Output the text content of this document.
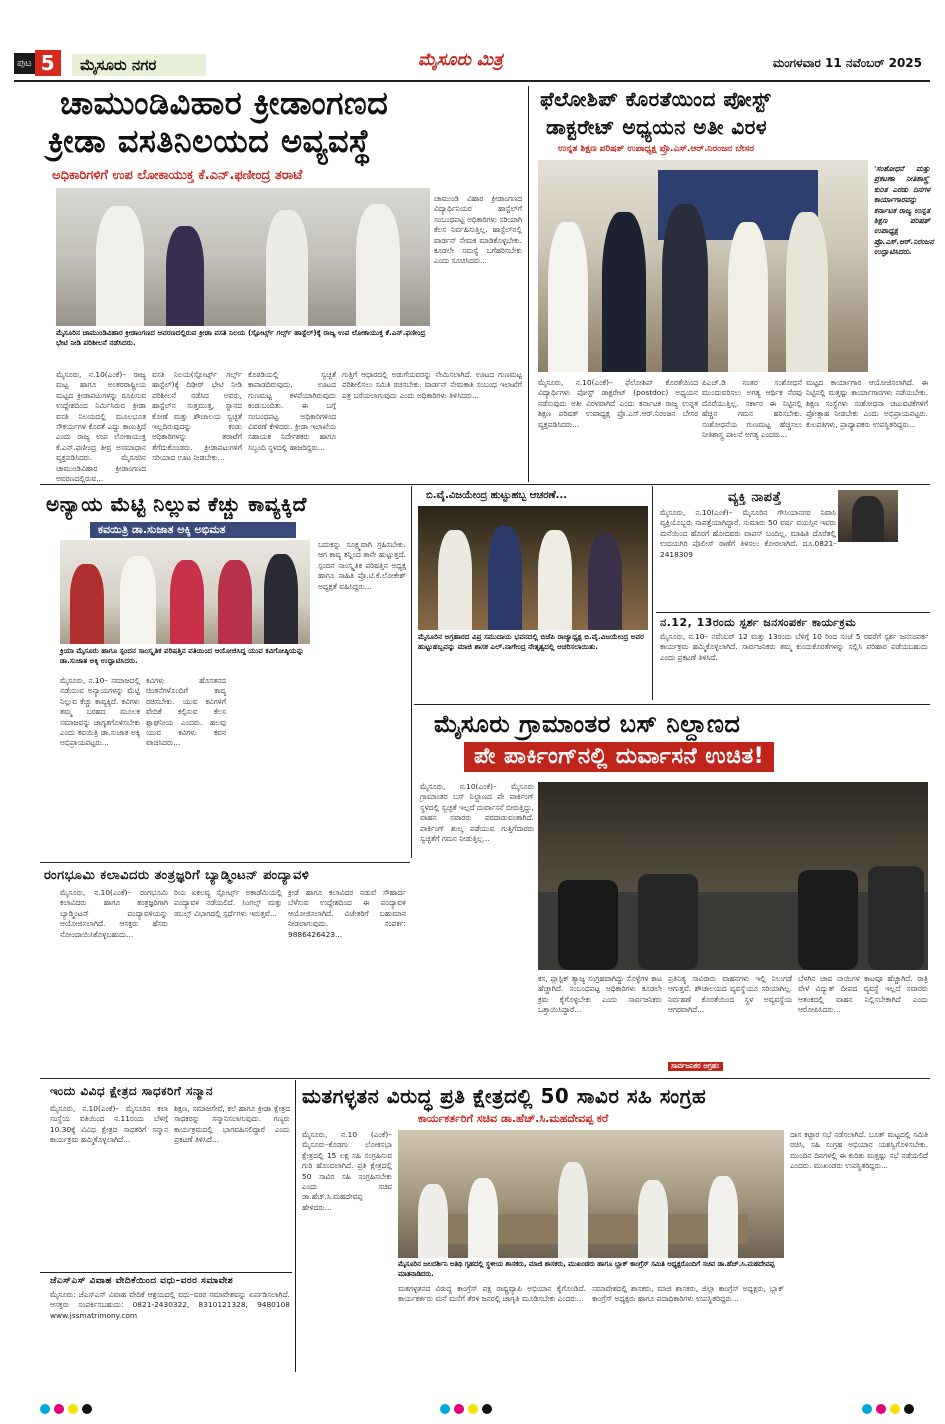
ಪುಟ 5	ಮೈಸೂರು ನಗರ	ಮೈಸೂರು ಮಿತ್ರ	ಮಂಗಳವಾರ 11 ನವೆಂಬರ್ 2025
ಚಾಮುಂಡಿವಿಹಾರ ಕ್ರೀಡಾಂಗಣದ
ಕ್ರೀಡಾ ವಸತಿನಿಲಯದ ಅವ್ಯವಸ್ಥೆ
ಅಧಿಕಾರಿಗಳಿಗೆ ಉಪ ಲೋಕಾಯುಕ್ತ ಕೆ.ಎನ್.ಫಣೀಂದ್ರ ತರಾಟೆ
ಮೈಸೂರಿನ ಚಾಮುಂಡಿವಿಹಾರ ಕ್ರೀಡಾಂಗಣದ ಆವರಣದಲ್ಲಿರುವ ಕ್ರೀಡಾ ವಸತಿ ನಿಲಯ (ಸ್ಪೋರ್ಟ್ಸ್ ಗರ್ಲ್ಸ್ ಹಾಸ್ಟೆಲ್)ಕ್ಕೆ ರಾಜ್ಯ ಉಪ ಲೋಕಾಯುಕ್ತ ಕೆ.ಎನ್.ಫಣೀಂದ್ರ ಭೇಟಿ ನೀಡಿ ಪರಿಶೀಲನೆ ನಡೆಸಿದರು.
ಮೈಸೂರು, ನ.10(ಎಂಕೆ)– ರಾಜ್ಯ ಮಟ್ಟ ಹಾಗೂ ಅಂತರರಾಷ್ಟ್ರೀಯ ಮಟ್ಟದ ಕ್ರೀಡಾಪಟುಗಳನ್ನು ರೂಪಿಸುವ ಉದ್ದೇಶದಿಂದ ನಿರ್ಮಿಸಿರುವ ಕ್ರೀಡಾ ವಸತಿ ನಿಲಯದಲ್ಲಿ ಮೂಲಭೂತ ಸೌಕರ್ಯಗಳ ಕೊರತೆ ಎದ್ದು ಕಾಣುತ್ತಿದೆ ಎಂದು ರಾಜ್ಯ ಉಪ ಲೋಕಾಯುಕ್ತ ಕೆ.ಎನ್.ಫಣೀಂದ್ರ ತೀವ್ರ ಅಸಮಾಧಾನ ವ್ಯಕ್ತಪಡಿಸಿದರು. ಮೈಸೂರಿನ ಚಾಮುಂಡಿವಿಹಾರ ಕ್ರೀಡಾಂಗಣದ ಆವರಣದಲ್ಲಿರುವ...
ವಸತಿ ನಿಲಯ(ಸ್ಪೋರ್ಟ್ಸ್ ಗರ್ಲ್ಸ್ ಹಾಸ್ಟೆಲ್)ಕ್ಕೆ ದಿಢೀರ್ ಭೇಟಿ ನೀಡಿ ಪರಿಶೀಲನೆ ನಡೆಸಿದ ಅವರು, ಹಾಸ್ಟೆಲ್‌ನ ಸುತ್ತಮುತ್ತ, ಸ್ನಾನದ ಕೋಣೆ ಮತ್ತು ಶೌಚಾಲಯ ಸ್ವಚ್ಛತೆ ಇಲ್ಲದಿರುವುದನ್ನು ಕಂಡು ಅಧಿಕಾರಿಗಳನ್ನು ತರಾಟೆಗೆ ತೆಗೆದುಕೊಂಡರು. ಕ್ರೀಡಾಪಟುಗಳಿಗೆ ಸರಿಯಾದ ಊಟ ನೀಡಬೇಕು...
ಕೊಠಡಿಯಲ್ಲಿ ಸ್ವಚ್ಛತೆ ಕಾಪಾಡದಿರುವುದು, ಊಟದ ಗುಣಮಟ್ಟ ಕಳಪೆಯಾಗಿರುವುದು ಕಂಡುಬಂದಿತು. ಈ ಬಗ್ಗೆ ಸಂಬಂಧಪಟ್ಟ ಅಧಿಕಾರಿಗಳಿಂದ ವಿವರಣೆ ಕೇಳಿದರು. ಕ್ರೀಡಾ ಇಲಾಖೆಯ ಸಹಾಯಕ ನಿರ್ದೇಶಕರು ಹಾಗೂ ಸಿಬ್ಬಂದಿ ಸ್ಥಳದಲ್ಲಿ ಹಾಜರಿದ್ದರು...
ಚಾಮುಂಡಿ ವಿಹಾರ ಕ್ರೀಡಾಂಗಣದ ವಿದ್ಯಾರ್ಥಿನಿಯರ ಹಾಸ್ಟೆಲ್‌ಗೆ ಸಂಬಂಧಪಟ್ಟ ಅಧಿಕಾರಿಗಳು ಸರಿಯಾಗಿ ಕೆಲಸ ನಿರ್ವಹಿಸುತ್ತಿಲ್ಲ. ಹಾಸ್ಟೆಲ್‌ನಲ್ಲಿ ವಾರ್ಡನ್ ನೇಮಕ ಮಾಡಿಕೊಳ್ಳಬೇಕು. ಕೂಡಲೇ ಸಮಸ್ಯೆ ಬಗೆಹರಿಸಬೇಕು ಎಂದು ಸೂಚಿಸಿದರು...
ಗುತ್ತಿಗೆ ಆಧಾರದಲ್ಲಿ ಅಡುಗೆಯವರನ್ನು ನೇಮಿಸಲಾಗಿದೆ. ಊಟದ ಗುಣಮಟ್ಟ ಪರಿಶೀಲಿಸಲು ಸಮಿತಿ ರಚಿಸಬೇಕು. ವಾರ್ಡನ್ ನೇಮಕಾತಿ ಸಂಬಂಧ ಇಲಾಖೆಗೆ ಪತ್ರ ಬರೆಯಲಾಗುವುದು ಎಂದು ಅಧಿಕಾರಿಗಳು ತಿಳಿಸಿದರು...
ಫೆಲೋಶಿಪ್ ಕೊರತೆಯಿಂದ ಪೋಸ್ಟ್
ಡಾಕ್ಟರೇಟ್ ಅಧ್ಯಯನ ಅತೀ ವಿರಳ
ಉನ್ನತ ಶಿಕ್ಷಣ ಪರಿಷತ್ ಉಪಾಧ್ಯಕ್ಷ ಪ್ರೊ.ಎಸ್.ಆರ್.ನಿರಂಜನ ಬೇಸರ
'ಸಂಶೋಧನೆ ಮತ್ತು ಪ್ರಕಟಣಾ ನೀತಿಶಾಸ್ತ್ರ' ಕುರಿತ ಎರಡು ದಿನಗಳ ಕಾರ್ಯಾಗಾರವನ್ನು ಕರ್ನಾಟಕ ರಾಜ್ಯ ಉನ್ನತ ಶಿಕ್ಷಣ ಪರಿಷತ್ ಉಪಾಧ್ಯಕ್ಷ ಪ್ರೊ.ಎಸ್.ಆರ್.ನಿರಂಜನ ಉದ್ಘಾಟಿಸಿದರು.
ಮೈಸೂರು, ನ.10(ಎಂಕೆ)– ಫೆಲೋಶಿಪ್ ಕೊರತೆಯಿಂದ ವಿದ್ಯಾರ್ಥಿಗಳು ಪೋಸ್ಟ್ ಡಾಕ್ಟರೇಟ್ (postdoc) ಅಧ್ಯಯನ ನಡೆಸುವುದು ಅತೀ ವಿರಳವಾಗಿದೆ ಎಂದು ಕರ್ನಾಟಕ ರಾಜ್ಯ ಉನ್ನತ ಶಿಕ್ಷಣ ಪರಿಷತ್ ಉಪಾಧ್ಯಕ್ಷ ಪ್ರೊ.ಎಸ್.ಆರ್.ನಿರಂಜನ ಬೇಸರ ವ್ಯಕ್ತಪಡಿಸಿದರು...
ಪಿಎಚ್.ಡಿ ನಂತರ ಸಂಶೋಧನೆ ಮುಂದುವರಿಸಲು ಅಗತ್ಯ ಆರ್ಥಿಕ ನೆರವು ದೊರೆಯುತ್ತಿಲ್ಲ. ಸರ್ಕಾರ ಈ ನಿಟ್ಟಿನಲ್ಲಿ ಹೆಚ್ಚಿನ ಗಮನ ಹರಿಸಬೇಕು. ಸಂಶೋಧನೆಯ ಗುಣಮಟ್ಟ ಹೆಚ್ಚಿಸಲು ನೀತಿಶಾಸ್ತ್ರ ಪಾಲನೆ ಅಗತ್ಯ ಎಂದರು...
ಮಟ್ಟದ ಕಾರ್ಯಾಗಾರ ಆಯೋಜಿಸಲಾಗಿದೆ. ಈ ನಿಟ್ಟಿನಲ್ಲಿ ಮತ್ತಷ್ಟು ಕಾರ್ಯಾಗಾರಗಳು ನಡೆಯಬೇಕು. ಶಿಕ್ಷಣ ಸಂಸ್ಥೆಗಳು ಸಂಶೋಧನಾ ಚಟುವಟಿಕೆಗಳಿಗೆ ಪ್ರೋತ್ಸಾಹ ನೀಡಬೇಕು ಎಂದು ಅಭಿಪ್ರಾಯಪಟ್ಟರು. ಕುಲಪತಿಗಳು, ಪ್ರಾಧ್ಯಾಪಕರು ಉಪಸ್ಥಿತರಿದ್ದರು...
ಅನ್ಯಾಯ ಮೆಟ್ಟಿ ನಿಲ್ಲುವ ಕೆಚ್ಚು ಕಾವ್ಯಕ್ಕಿದೆ
ಕವಯಿತ್ರಿ ಡಾ.ಸುಜಾತ ಅಕ್ಕಿ ಅಭಿಮತ
ಕ್ರಿಯಾ ಮೈಸೂರು ಹಾಗೂ ಸ್ಪಂದನ ಸಾಂಸ್ಕೃತಿಕ ಪರಿಷತ್ತಿನ ವತಿಯಿಂದ ಆಯೋಜಿಸಿದ್ದ ಯುವ ಕವಿಗೋಷ್ಠಿಯನ್ನು ಡಾ.ಸುಜಾತ ಅಕ್ಕಿ ಉದ್ಘಾಟಿಸಿದರು.
ಮೈಸೂರು, ನ.10– ಸಮಾಜದಲ್ಲಿ ನಡೆಯುವ ಅನ್ಯಾಯಗಳನ್ನು ಮೆಟ್ಟಿ ನಿಲ್ಲುವ ಕೆಚ್ಚು ಕಾವ್ಯಕ್ಕಿದೆ. ಕವಿಗಳು ತಮ್ಮ ಬರಹದ ಮೂಲಕ ಸಮಾಜವನ್ನು ಜಾಗೃತಗೊಳಿಸಬೇಕು ಎಂದು ಕವಯಿತ್ರಿ ಡಾ.ಸುಜಾತ ಅಕ್ಕಿ ಅಭಿಪ್ರಾಯಪಟ್ಟರು...
ಕವಿಗಳು ಹೊಸತನದ ಚಿಂತನೆಗಳೊಂದಿಗೆ ಕಾವ್ಯ ರಚಿಸಬೇಕು. ಯುವ ಕವಿಗಳಿಗೆ ವೇದಿಕೆ ಕಲ್ಪಿಸುವ ಕೆಲಸ ಶ್ಲಾಘನೀಯ ಎಂದರು. ಹಲವು ಯುವ ಕವಿಗಳು ಕವನ ವಾಚಿಸಿದರು...
ಬದುಕನ್ನು ಸೂಕ್ಷ್ಮವಾಗಿ ಗ್ರಹಿಸಬೇಕು. ಆಗ ಕಾವ್ಯ ತನ್ನಿಂದ ತಾನೇ ಹುಟ್ಟುತ್ತದೆ. ಸ್ಪಂದನ ಸಾಂಸ್ಕೃತಿಕ ಪರಿಷತ್ತಿನ ಅಧ್ಯಕ್ಷ ಹಾಗೂ ಸಾಹಿತಿ ಪ್ರೊ.ಟಿ.ಕೆ.ಲೋಕೇಶ್ ಅಧ್ಯಕ್ಷತೆ ವಹಿಸಿದ್ದರು...
ಬಿ.ವೈ.ವಿಜಯೇಂದ್ರ ಹುಟ್ಟುಹಬ್ಬ ಆಚರಣೆ...
ಮೈಸೂರಿನ ಅಗ್ರಹಾರದ ವಿಪ್ರ ಸಮುದಾಯ ಭವನದಲ್ಲಿ ಬಿಜೆಪಿ ರಾಜ್ಯಾಧ್ಯಕ್ಷ ಬಿ.ವೈ.ವಿಜಯೇಂದ್ರ ಅವರ ಹುಟ್ಟುಹಬ್ಬವನ್ನು ಮಾಜಿ ಶಾಸಕ ಎಲ್.ನಾಗೇಂದ್ರ ನೇತೃತ್ವದಲ್ಲಿ ಆಚರಿಸಲಾಯಿತು.
ವ್ಯಕ್ತಿ ನಾಪತ್ತೆ
ಮೈಸೂರು, ನ.10(ಎಂಕೆ)– ಮೈಸೂರಿನ ಗೌಸಿಯಾನಗರ ನಿವಾಸಿ ವ್ಯಕ್ತಿಯೊಬ್ಬರು ನಾಪತ್ತೆಯಾಗಿದ್ದಾರೆ. ಸುಮಾರು 50 ವರ್ಷ ವಯಸ್ಸಿನ ಇವರು ಮನೆಯಿಂದ ಹೊರಗೆ ಹೋದವರು ವಾಪಸ್ ಬಂದಿಲ್ಲ. ಮಾಹಿತಿ ದೊರೆತಲ್ಲಿ ಉದಯಗಿರಿ ಪೊಲೀಸ್ ಠಾಣೆಗೆ ತಿಳಿಸಲು ಕೋರಲಾಗಿದೆ. ದೂ.0821-2418309
ನ.12, 13ರಂದು ಸ್ಪರ್ಶ ಜನಸಂಪರ್ಕ ಕಾರ್ಯಕ್ರಮ
ಮೈಸೂರು, ನ.10– ನವೆಂಬರ್ 12 ಮತ್ತು 13ರಂದು ಬೆಳಿಗ್ಗೆ 10 ರಿಂದ ಸಂಜೆ 5 ರವರೆಗೆ ಸ್ಪರ್ಶ ಜನಸಂಪರ್ಕ ಕಾರ್ಯಕ್ರಮ ಹಮ್ಮಿಕೊಳ್ಳಲಾಗಿದೆ. ಸಾರ್ವಜನಿಕರು ತಮ್ಮ ಕುಂದುಕೊರತೆಗಳನ್ನು ಸಲ್ಲಿಸಿ ಪರಿಹಾರ ಪಡೆಯಬಹುದು ಎಂದು ಪ್ರಕಟಣೆ ತಿಳಿಸಿದೆ.
ಮೈಸೂರು ಗ್ರಾಮಾಂತರ ಬಸ್ ನಿಲ್ದಾಣದ
ಪೇ ಪಾರ್ಕಿಂಗ್‌ನಲ್ಲಿ ದುರ್ವಾಸನೆ ಉಚಿತ!
ಮೈಸೂರು, ನ.10(ಎಂಕೆ)– ಮೈಸೂರು ಗ್ರಾಮಾಂತರ ಬಸ್ ನಿಲ್ದಾಣದ ಪೇ ಪಾರ್ಕಿಂಗ್ ಸ್ಥಳದಲ್ಲಿ ಸ್ವಚ್ಛತೆ ಇಲ್ಲದೆ ದುರ್ವಾಸನೆ ಬೀರುತ್ತಿದ್ದು, ವಾಹನ ಸವಾರರು ಪರದಾಡುವಂತಾಗಿದೆ. ಪಾರ್ಕಿಂಗ್ ಶುಲ್ಕ ಪಡೆಯುವ ಗುತ್ತಿಗೆದಾರರು ಸ್ವಚ್ಛತೆಗೆ ಗಮನ ನೀಡುತ್ತಿಲ್ಲ...
ಕಸ, ಪ್ಲಾಸ್ಟಿಕ್ ತ್ಯಾಜ್ಯ ಸಂಗ್ರಹವಾಗಿದ್ದು ಸೊಳ್ಳೆಗಳ ಕಾಟ ಹೆಚ್ಚಾಗಿದೆ. ಸಂಬಂಧಪಟ್ಟ ಅಧಿಕಾರಿಗಳು ಕೂಡಲೇ ಕ್ರಮ ಕೈಗೊಳ್ಳಬೇಕು ಎಂದು ಸಾರ್ವಜನಿಕರು ಒತ್ತಾಯಿಸಿದ್ದಾರೆ...
ಪ್ರತಿನಿತ್ಯ ಸಾವಿರಾರು ವಾಹನಗಳು ಇಲ್ಲಿ ನಿಲುಗಡೆ ಆಗುತ್ತವೆ. ಶೌಚಾಲಯದ ವ್ಯವಸ್ಥೆಯೂ ಸರಿಯಾಗಿಲ್ಲ. ನಿರ್ವಹಣೆ ಕೊರತೆಯಿಂದ ಸ್ಥಳ ಅವ್ಯವಸ್ಥೆಯ ಆಗರವಾಗಿದೆ...
ಬೆಳಗಿನ ಜಾವ ನಾಯಿಗಳ ಕಾಟವೂ ಹೆಚ್ಚಾಗಿದೆ. ರಾತ್ರಿ ವೇಳೆ ವಿದ್ಯುತ್ ದೀಪದ ವ್ಯವಸ್ಥೆ ಇಲ್ಲದೆ ಸವಾರರು ಆತಂಕದಲ್ಲಿ ವಾಹನ ನಿಲ್ಲಿಸಬೇಕಾಗಿದೆ ಎಂದು ಆರೋಪಿಸಿದರು...
ಸಾರ್ವಜನಿಕರ ಆಗ್ರಹ:
ರಂಗಭೂಮಿ ಕಲಾವಿದರು ತಂತ್ರಜ್ಞರಿಗೆ ಬ್ಯಾಡ್ಮಿಂಟನ್ ಪಂದ್ಯಾವಳಿ
ಮೈಸೂರು, ನ.10(ಎಂಕೆ)– ರಂಗಭೂಮಿ ಕಲಾವಿದರು ಹಾಗೂ ತಂತ್ರಜ್ಞರಿಗಾಗಿ ಬ್ಯಾಡ್ಮಿಂಟನ್ ಪಂದ್ಯಾವಳಿಯನ್ನು ಆಯೋಜಿಸಲಾಗಿದೆ. ಆಸಕ್ತರು ಹೆಸರು ನೋಂದಾಯಿಸಿಕೊಳ್ಳಬಹುದು...
ರಿಯ ಏಕಲವ್ಯ ಸ್ಪೋರ್ಟ್ಸ್ ಅಕಾಡೆಮಿಯಲ್ಲಿ ಪಂದ್ಯಾವಳಿ ನಡೆಯಲಿದೆ. ಸಿಂಗಲ್ಸ್ ಮತ್ತು ಡಬಲ್ಸ್ ವಿಭಾಗದಲ್ಲಿ ಸ್ಪರ್ಧೆಗಳು ಇರುತ್ತವೆ...
ಕ್ರೀಡೆ ಹಾಗೂ ಕಲಾವಿದರ ನಡುವೆ ಸೌಹಾರ್ದ ಬೆಳೆಸುವ ಉದ್ದೇಶದಿಂದ ಈ ಪಂದ್ಯಾವಳಿ ಆಯೋಜಿಸಲಾಗಿದೆ. ವಿಜೇತರಿಗೆ ಬಹುಮಾನ ನೀಡಲಾಗುವುದು. ಸಂಪರ್ಕ: 9886426423...
ಇಂದು ವಿವಿಧ ಕ್ಷೇತ್ರದ ಸಾಧಕರಿಗೆ ಸನ್ಮಾನ
ಮೈಸೂರು, ನ.10(ಎಂಕೆ)– ಮೈಸೂರಿನ ಕಲಾ ಸಂಸ್ಥೆಯ ವತಿಯಿಂದ ನ.11ರಂದು ಬೆಳಿಗ್ಗೆ 10.30ಕ್ಕೆ ವಿವಿಧ ಕ್ಷೇತ್ರದ ಸಾಧಕರಿಗೆ ಸನ್ಮಾನ ಕಾರ್ಯಕ್ರಮ ಹಮ್ಮಿಕೊಳ್ಳಲಾಗಿದೆ...
ಶಿಕ್ಷಣ, ಸಮಾಜಸೇವೆ, ಕಲೆ ಹಾಗೂ ಕ್ರೀಡಾ ಕ್ಷೇತ್ರದ ಸಾಧಕರನ್ನು ಸನ್ಮಾನಿಸಲಾಗುವುದು. ಗಣ್ಯರು ಕಾರ್ಯಕ್ರಮದಲ್ಲಿ ಭಾಗವಹಿಸಲಿದ್ದಾರೆ ಎಂದು ಪ್ರಕಟಣೆ ತಿಳಿಸಿದೆ...
ಜೆಎಸ್‌ಎಸ್ ವಿವಾಹ ವೇದಿಕೆಯಿಂದ ವಧು–ವರರ ಸಮಾವೇಶ
ಮೈಸೂರು: ಜೆಎಸ್‌ಎಸ್ ವಿವಾಹ ವೇದಿಕೆ ಆಶ್ರಯದಲ್ಲಿ ವಧು–ವರರ ಸಮಾವೇಶವನ್ನು ಏರ್ಪಡಿಸಲಾಗಿದೆ. ಆಸಕ್ತರು ಸಂಪರ್ಕಿಸಬಹುದು: 0821-2430322, 8310121328, 9480108 www.jssmatrimony.com
ಮತಗಳ್ಳತನ ವಿರುದ್ಧ ಪ್ರತಿ ಕ್ಷೇತ್ರದಲ್ಲಿ 50 ಸಾವಿರ ಸಹಿ ಸಂಗ್ರಹ
ಕಾರ್ಯಕರ್ತರಿಗೆ ಸಚಿವ ಡಾ.ಹೆಚ್.ಸಿ.ಮಹದೇವಪ್ಪ ಕರೆ
ಮೈಸೂರು, ನ.10 (ಎಂಕೆ)– ಮೈಸೂರು–ಕೊಡಗು ಲೋಕಸಭಾ ಕ್ಷೇತ್ರದಲ್ಲಿ 15 ಲಕ್ಷ ಸಹಿ ಸಂಗ್ರಹಿಸುವ ಗುರಿ ಹೊಂದಲಾಗಿದೆ. ಪ್ರತಿ ಕ್ಷೇತ್ರದಲ್ಲಿ 50 ಸಾವಿರ ಸಹಿ ಸಂಗ್ರಹಿಸಬೇಕು ಎಂದು ಸಚಿವ ಡಾ.ಹೆಚ್.ಸಿ.ಮಹದೇವಪ್ಪ ಹೇಳಿದರು...
ಮೈಸೂರಿನ ಜಲದರ್ಶಿನಿ ಅತಿಥಿ ಗೃಹದಲ್ಲಿ ಸ್ಥಳೀಯ ಶಾಸಕರು, ಮಾಜಿ ಶಾಸಕರು, ಮುಖಂಡರು ಹಾಗೂ ಬ್ಲಾಕ್ ಕಾಂಗ್ರೆಸ್ ಸಮಿತಿ ಅಧ್ಯಕ್ಷರೊಂದಿಗೆ ಸಚಿವ ಡಾ.ಹೆಚ್.ಸಿ.ಮಹದೇವಪ್ಪ ಮಾತನಾಡಿದರು.
ಮತಗಳ್ಳತನದ ವಿರುದ್ಧ ಕಾಂಗ್ರೆಸ್ ಪಕ್ಷ ರಾಷ್ಟ್ರವ್ಯಾಪಿ ಅಭಿಯಾನ ಕೈಗೊಂಡಿದೆ. ಕಾರ್ಯಕರ್ತರು ಮನೆ ಮನೆಗೆ ತೆರಳಿ ಜನರಲ್ಲಿ ಜಾಗೃತಿ ಮೂಡಿಸಬೇಕು ಎಂದರು...
ಸಮಾವೇಶದಲ್ಲಿ ಶಾಸಕರು, ಮಾಜಿ ಶಾಸಕರು, ಜಿಲ್ಲಾ ಕಾಂಗ್ರೆಸ್ ಅಧ್ಯಕ್ಷರು, ಬ್ಲಾಕ್ ಕಾಂಗ್ರೆಸ್ ಅಧ್ಯಕ್ಷರು ಹಾಗೂ ಪದಾಧಿಕಾರಿಗಳು ಉಪಸ್ಥಿತರಿದ್ದರು...
ದಾಸ ಕಟ್ಟಾರ ಸಭೆ ನಡೆಸಲಾಗಿದೆ. ಬೂತ್ ಮಟ್ಟದಲ್ಲಿ ಸಮಿತಿ ರಚಿಸಿ, ಸಹಿ ಸಂಗ್ರಹ ಅಭಿಯಾನ ಯಶಸ್ವಿಗೊಳಿಸಬೇಕು. ಮುಂದಿನ ದಿನಗಳಲ್ಲಿ ಈ ಕುರಿತು ಮತ್ತಷ್ಟು ಸಭೆ ನಡೆಯಲಿದೆ ಎಂದರು. ಮುಖಂಡರು ಉಪಸ್ಥಿತರಿದ್ದರು...
